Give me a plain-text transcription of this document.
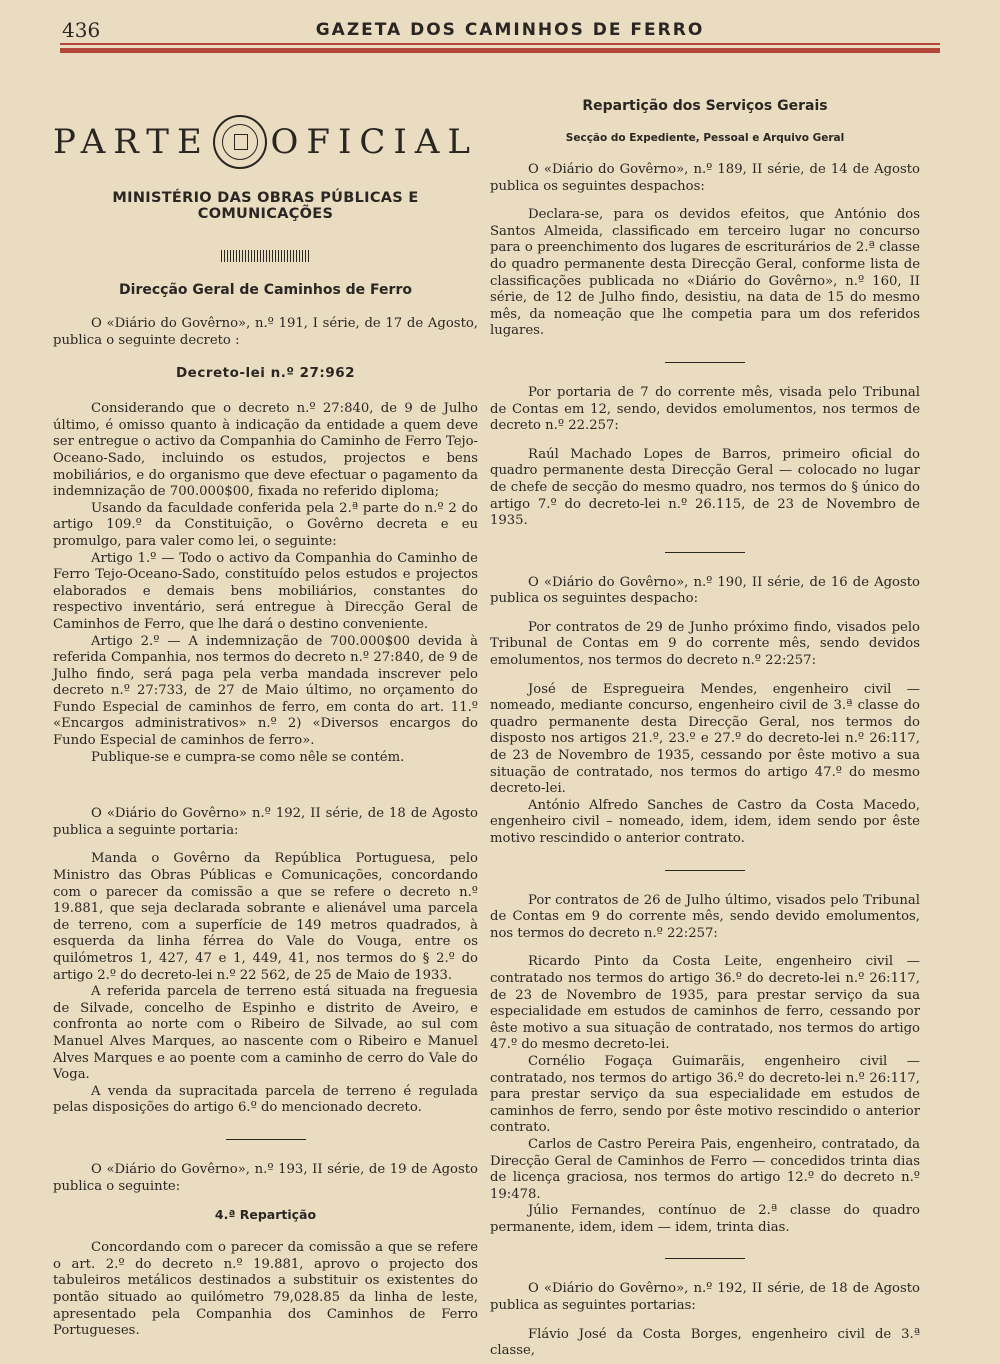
436	GAZETA DOS CAMINHOS DE FERRO
PARTE OFICIAL
MINISTÉRIO DAS OBRAS PÚBLICAS E COMUNICAÇÕES
Direcção Geral de Caminhos de Ferro

O «Diário do Govêrno», n.º 191, I série, de 17 de Agosto, publica o seguinte decreto :

Decreto-lei n.º 27:962

Considerando que o decreto n.º 27:840, de 9 de Julho último, é omisso quanto à indicação da entidade a quem deve ser entregue o activo da Companhia do Caminho de Ferro Tejo-Oceano-Sado, incluindo os estudos, projectos e bens mobiliários, e do organismo que deve efectuar o pagamento da indemnização de 700.000$00, fixada no referido diploma;

Usando da faculdade conferida pela 2.ª parte do n.º 2 do artigo 109.º da Constituição, o Govêrno decreta e eu promulgo, para valer como lei, o seguinte:

Artigo 1.º — Todo o activo da Companhia do Caminho de Ferro Tejo-Oceano-Sado, constituído pelos estudos e projectos elaborados e demais bens mobiliários, constantes do respectivo inventário, será entregue à Direcção Geral de Caminhos de Ferro, que lhe dará o destino conveniente.

Artigo 2.º — A indemnização de 700.000$00 devida à referida Companhia, nos termos do decreto n.º 27:840, de 9 de Julho findo, será paga pela verba mandada inscrever pelo decreto n.º 27:733, de 27 de Maio último, no orçamento do Fundo Especial de caminhos de ferro, em conta do art. 11.º «Encargos administrativos» n.º 2) «Diversos encargos do Fundo Especial de caminhos de ferro».

Publique-se e cumpra-se como nêle se contém.

O «Diário do Govêrno» n.º 192, II série, de 18 de Agosto publica a seguinte portaria:

Manda o Govêrno da República Portuguesa, pelo Ministro das Obras Públicas e Comunicações, concordando com o parecer da comissão a que se refere o decreto n.º 19.881, que seja declarada sobrante e alienável uma parcela de terreno, com a superfície de 149 metros quadrados, à esquerda da linha férrea do Vale do Vouga, entre os quilómetros 1, 427, 47 e 1, 449, 41, nos termos do § 2.º do artigo 2.º do decreto-lei n.º 22 562, de 25 de Maio de 1933.

A referida parcela de terreno está situada na freguesia de Silvade, concelho de Espinho e distrito de Aveiro, e confronta ao norte com o Ribeiro de Silvade, ao sul com Manuel Alves Marques, ao nascente com o Ribeiro e Manuel Alves Marques e ao poente com a caminho de cerro do Vale do Voga.

A venda da supracitada parcela de terreno é regulada pelas disposições do artigo 6.º do mencionado decreto.

O «Diário do Govêrno», n.º 193, II série, de 19 de Agosto publica o seguinte:

4.ª Repartição

Concordando com o parecer da comissão a que se refere o art. 2.º do decreto n.º 19.881, aprovo o projecto dos tabuleiros metálicos destinados a substituir os existentes do pontão situado ao quilómetro 79,028.85 da linha de leste, apresentado pela Companhia dos Caminhos de Ferro Portugueses.

Repartição dos Serviços Gerais
Secção do Expediente, Pessoal e Arquivo Geral

O «Diário do Govêrno», n.º 189, II série, de 14 de Agosto publica os seguintes despachos:

Declara-se, para os devidos efeitos, que António dos Santos Almeida, classificado em terceiro lugar no concurso para o preenchimento dos lugares de escriturários de 2.ª classe do quadro permanente desta Direcção Geral, conforme lista de classificações publicada no «Diário do Govêrno», n.º 160, II série, de 12 de Julho findo, desistiu, na data de 15 do mesmo mês, da nomeação que lhe competia para um dos referidos lugares.

Por portaria de 7 do corrente mês, visada pelo Tribunal de Contas em 12, sendo, devidos emolumentos, nos termos de decreto n.º 22.257:

Raúl Machado Lopes de Barros, primeiro oficial do quadro permanente desta Direcção Geral — colocado no lugar de chefe de secção do mesmo quadro, nos termos do § único do artigo 7.º do decreto-lei n.º 26.115, de 23 de Novembro de 1935.

O «Diário do Govêrno», n.º 190, II série, de 16 de Agosto publica os seguintes despacho:

Por contratos de 29 de Junho próximo findo, visados pelo Tribunal de Contas em 9 do corrente mês, sendo devidos emolumentos, nos termos do decreto n.º 22:257:

José de Espregueira Mendes, engenheiro civil — nomeado, mediante concurso, engenheiro civil de 3.ª classe do quadro permanente desta Direcção Geral, nos termos do disposto nos artigos 21.º, 23.º e 27.º do decreto-lei n.º 26:117, de 23 de Novembro de 1935, cessando por êste motivo a sua situação de contratado, nos termos do artigo 47.º do mesmo decreto-lei.

António Alfredo Sanches de Castro da Costa Macedo, engenheiro civil – nomeado, idem, idem, idem sendo por êste motivo rescindido o anterior contrato.

Por contratos de 26 de Julho último, visados pelo Tribunal de Contas em 9 do corrente mês, sendo devido emolumentos, nos termos do decreto n.º 22:257:

Ricardo Pinto da Costa Leite, engenheiro civil — contratado nos termos do artigo 36.º do decreto-lei n.º 26:117, de 23 de Novembro de 1935, para prestar serviço da sua especialidade em estudos de caminhos de ferro, cessando por êste motivo a sua situação de contratado, nos termos do artigo 47.º do mesmo decreto-lei.

Cornélio Fogaça Guimarãis, engenheiro civil — contratado, nos termos do artigo 36.º do decreto-lei n.º 26:117, para prestar serviço da sua especialidade em estudos de caminhos de ferro, sendo por êste motivo rescindido o anterior contrato.

Carlos de Castro Pereira Pais, engenheiro, contratado, da Direcção Geral de Caminhos de Ferro — concedidos trinta dias de licença graciosa, nos termos do artigo 12.º do decreto n.º 19:478.

Júlio Fernandes, contínuo de 2.ª classe do quadro permanente, idem, idem — idem, trinta dias.

O «Diário do Govêrno», n.º 192, II série, de 18 de Agosto publica as seguintes portarias:

Flávio José da Costa Borges, engenheiro civil de 3.ª classe,
